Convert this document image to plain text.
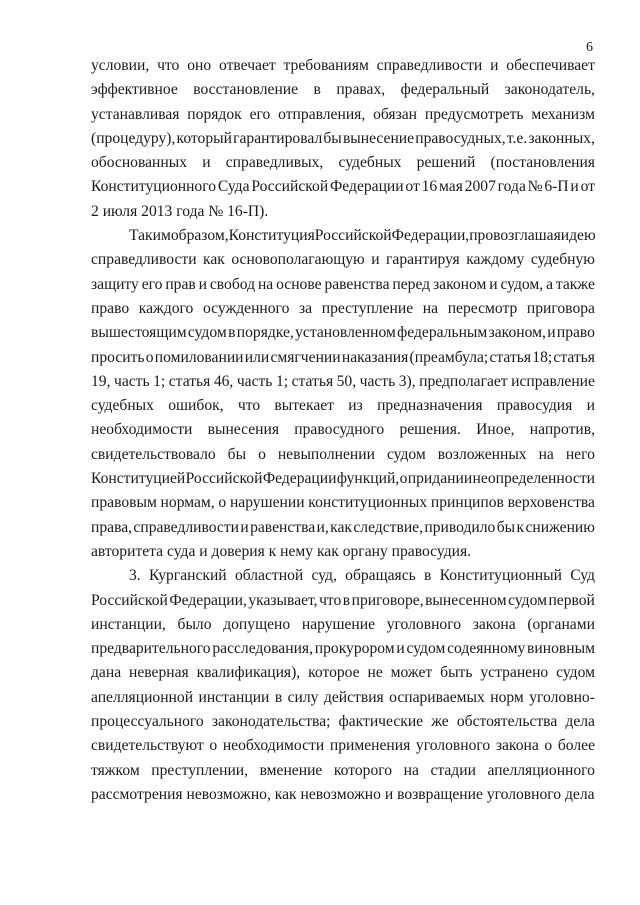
6
условии, что оно отвечает требованиям справедливости и обеспечивает
эффективное восстановление в правах, федеральный законодатель,
устанавливая порядок его отправления, обязан предусмотреть механизм
(процедуру), который гарантировал бы вынесение правосудных, т.е. законных,
обоснованных и справедливых, судебных решений (постановления
Конституционного Суда Российской Федерации от 16 мая 2007 года № 6-П и от
2 июля 2013 года № 16-П).
Таким образом, Конституция Российской Федерации, провозглашая идею
справедливости как основополагающую и гарантируя каждому судебную
защиту его прав и свобод на основе равенства перед законом и судом, а также
право каждого осужденного за преступление на пересмотр приговора
вышестоящим судом в порядке, установленном федеральным законом, и право
просить о помиловании или смягчении наказания (преамбула; статья 18; статья
19, часть 1; статья 46, часть 1; статья 50, часть 3), предполагает исправление
судебных ошибок, что вытекает из предназначения правосудия и
необходимости вынесения правосудного решения. Иное, напротив,
свидетельствовало бы о невыполнении судом возложенных на него
Конституцией Российской Федерации функций, о придании неопределенности
правовым нормам, о нарушении конституционных принципов верховенства
права, справедливости и равенства и, как следствие, приводило бы к снижению
авторитета суда и доверия к нему как органу правосудия.
3. Курганский областной суд, обращаясь в Конституционный Суд
Российской Федерации, указывает, что в приговоре, вынесенном судом первой
инстанции, было допущено нарушение уголовного закона (органами
предварительного расследования, прокурором и судом содеянному виновным
дана неверная квалификация), которое не может быть устранено судом
апелляционной инстанции в силу действия оспариваемых норм уголовно-
процессуального законодательства; фактические же обстоятельства дела
свидетельствуют о необходимости применения уголовного закона о более
тяжком преступлении, вменение которого на стадии апелляционного
рассмотрения невозможно, как невозможно и возвращение уголовного дела
